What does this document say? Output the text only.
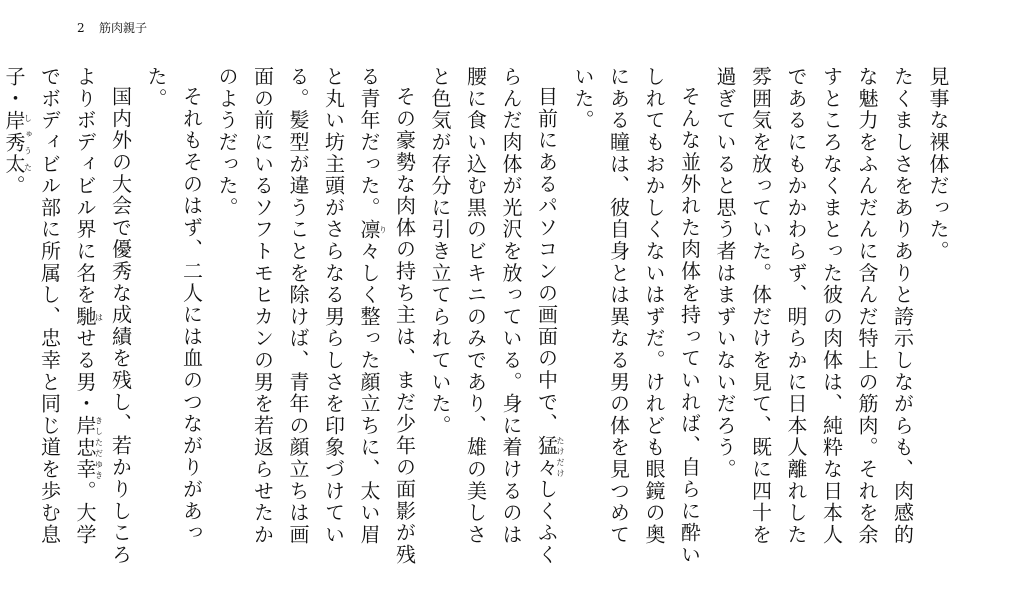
2 筋肉親子

見事な裸体だった。

たくましさをありありと誇示しながらも、肉感的な魅力をふんだんに含んだ特上の筋肉。それを余すところなくまとった彼の肉体は、純粋な日本人であるにもかかわらず、明らかに日本人離れした雰囲気を放っていた。体だけを見て、既に四十を過ぎていると思う者はまずいないだろう。

そんな並外れた肉体を持っていれば、自らに酔いしれてもおかしくないはずだ。けれども眼鏡の奥にある瞳は、彼自身とは異なる男の体を見つめていた。

目前にあるパソコンの画面の中で、猛々たけだけしくふくらんだ肉体が光沢を放っている。身に着けるのは腰に食い込む黒のビキニのみであり、雄の美しさと色気が存分に引き立てられていた。

その豪勢な肉体の持ち主は、まだ少年の面影が残る青年だった。凛り々しく整った顔立ちに、太い眉と丸い坊主頭がさらなる男らしさを印象づけている。髪型が違うことを除けば、青年の顔立ちは画面の前にいるソフトモヒカンの男を若返らせたかのようだった。

それもそのはず、二人には血のつながりがあった。

国内外の大会で優秀な成績を残し、若かりしころよりボディビル界に名を馳はせる男・岸忠幸きしただゆき。大学でボディビル部に所属し、忠幸と同じ道を歩む息子・岸秀太しゅうた。
